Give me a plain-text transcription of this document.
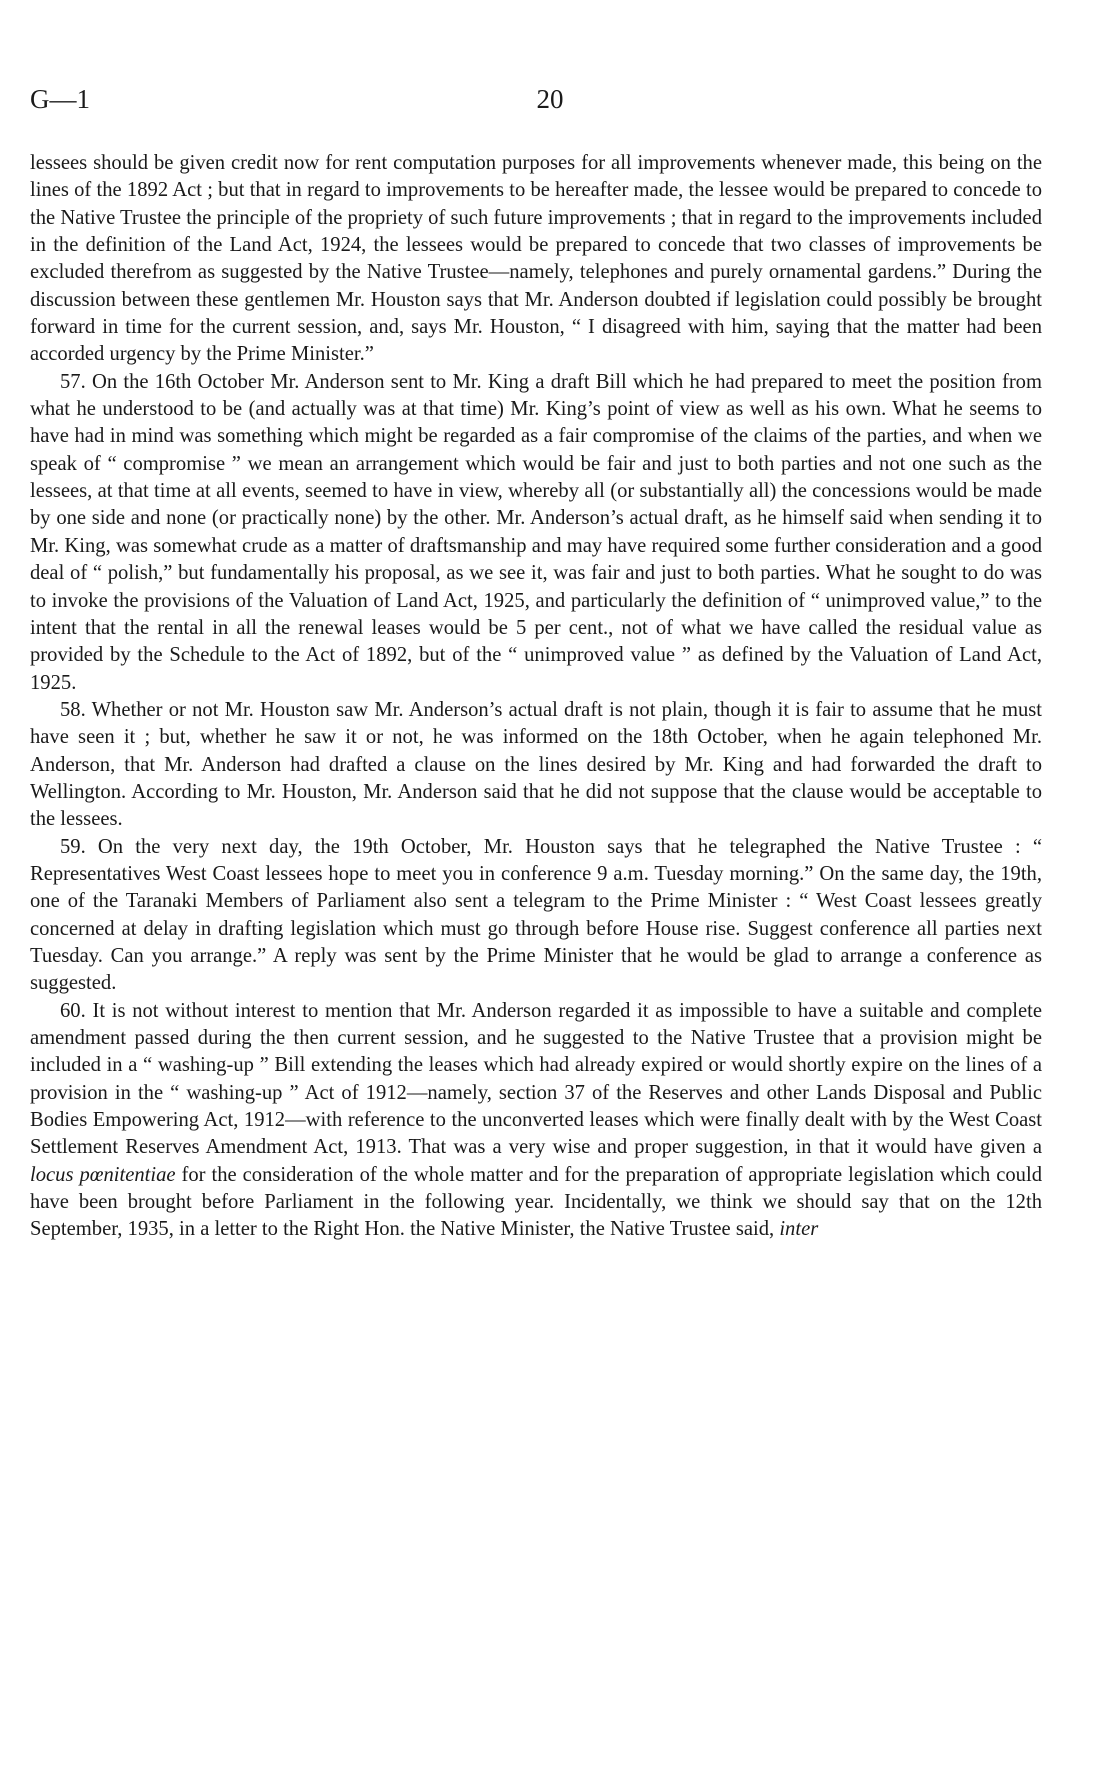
G—1	20

lessees should be given credit now for rent computation purposes for all improvements whenever made, this being on the lines of the 1892 Act ; but that in regard to improvements to be hereafter made, the lessee would be prepared to concede to the Native Trustee the principle of the propriety of such future improvements ; that in regard to the improvements included in the definition of the Land Act, 1924, the lessees would be prepared to concede that two classes of improvements be excluded therefrom as suggested by the Native Trustee—namely, telephones and purely ornamental gardens.” During the discussion between these gentlemen Mr. Houston says that Mr. Anderson doubted if legislation could possibly be brought forward in time for the current session, and, says Mr. Houston, “ I disagreed with him, saying that the matter had been accorded urgency by the Prime Minister.”

57. On the 16th October Mr. Anderson sent to Mr. King a draft Bill which he had prepared to meet the position from what he understood to be (and actually was at that time) Mr. King’s point of view as well as his own. What he seems to have had in mind was something which might be regarded as a fair compromise of the claims of the parties, and when we speak of “ compromise ” we mean an arrangement which would be fair and just to both parties and not one such as the lessees, at that time at all events, seemed to have in view, whereby all (or substantially all) the concessions would be made by one side and none (or practically none) by the other. Mr. Anderson’s actual draft, as he himself said when sending it to Mr. King, was somewhat crude as a matter of draftsmanship and may have required some further consideration and a good deal of “ polish,” but fundamentally his proposal, as we see it, was fair and just to both parties. What he sought to do was to invoke the provisions of the Valuation of Land Act, 1925, and particularly the definition of “ unimproved value,” to the intent that the rental in all the renewal leases would be 5 per cent., not of what we have called the residual value as provided by the Schedule to the Act of 1892, but of the “ unimproved value ” as defined by the Valuation of Land Act, 1925.

58. Whether or not Mr. Houston saw Mr. Anderson’s actual draft is not plain, though it is fair to assume that he must have seen it ; but, whether he saw it or not, he was informed on the 18th October, when he again telephoned Mr. Anderson, that Mr. Anderson had drafted a clause on the lines desired by Mr. King and had forwarded the draft to Wellington. According to Mr. Houston, Mr. Anderson said that he did not suppose that the clause would be acceptable to the lessees.

59. On the very next day, the 19th October, Mr. Houston says that he telegraphed the Native Trustee : “ Representatives West Coast lessees hope to meet you in conference 9 a.m. Tuesday morning.” On the same day, the 19th, one of the Taranaki Members of Parliament also sent a telegram to the Prime Minister : “ West Coast lessees greatly concerned at delay in drafting legislation which must go through before House rise. Suggest conference all parties next Tuesday. Can you arrange.” A reply was sent by the Prime Minister that he would be glad to arrange a conference as suggested.

60. It is not without interest to mention that Mr. Anderson regarded it as impossible to have a suitable and complete amendment passed during the then current session, and he suggested to the Native Trustee that a provision might be included in a “ washing-up ” Bill extending the leases which had already expired or would shortly expire on the lines of a provision in the “ washing-up ” Act of 1912—namely, section 37 of the Reserves and other Lands Disposal and Public Bodies Empowering Act, 1912—with reference to the unconverted leases which were finally dealt with by the West Coast Settlement Reserves Amendment Act, 1913. That was a very wise and proper suggestion, in that it would have given a locus pœnitentiae for the consideration of the whole matter and for the preparation of appropriate legislation which could have been brought before Parliament in the following year. Incidentally, we think we should say that on the 12th September, 1935, in a letter to the Right Hon. the Native Minister, the Native Trustee said, inter
